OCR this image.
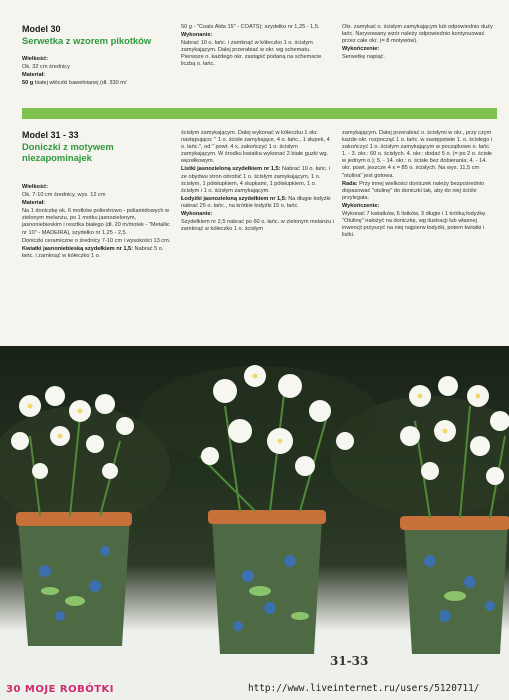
Model 30
Serwetka z wzorem pikotków

Wielkość:

Ok. 32 cm średnicy

Materiał:

50 g białej włóczki bawełnianej (dł. 330 m/

50 g - "Coats Alda 15" - COATS); szydełko nr 1,25 - 1,5.

Wykonanie:

Nabrać 10 o. łańc. i zamknąć w kółeczko 1 o. ścisłym zamykającym. Dalej przerabiać w okr. wg schematu. Pierwsze o. każdego okr. zastąpić podaną na schemacie liczbą o. łańc.

Okr. zamykać o. ścisłym zamykającym lub odpowiednio duży łańc. Narysowany wzór należy odpowiednio kontynuować przez całe okr. (= 8 motywów).

Wykończenie:

Serwetkę napiąć.

Model 31 - 33
Doniczki z motywem niezapominajek

Wielkość:

Ok. 7-10 cm średnicy, wys. 12 cm

Materiał:

Na 1 doniczkę ok. 6 motków poliestrowo - poliamidowych w zielonym melanżu, po 1 motku jasnozielonym, jasnoniebieskim i resztka białego (dł. 20 m/motek - "Metallic nr 10" - MADEIRA), szydełko nr 1,25 - 2,5.

Doniczki ceramiczne o średnicy 7-10 cm i wysokości 13 cm.

Kwiatki jasnoniebieską szydełkiem nr 1,5: Nabrać 5 o. łańc. i zamknąć w kółeczko 1 o.

ścisłym zamykającym. Dalej wykonać w kółeczku 1 okr. następująco: " 1 o. ścisłe zamykające, 4 o. łańc., 1 słupek, 4 o. łańc.", od " powt. 4 x, zakończyć 1 o. ścisłym zamykającym. W środku kwiatka wykonać 2 białe guzki wg. węzełkowym.

Listki jasnozieloną szydełkiem nr 1,5: Nabrać 10 o. łańc. i ze obydwu stron obrobić 1 o. ścisłym zamykającym, 1 o. ścisłym, 1 półsłupkiem, 4 słupkami, 1 półsłupkiem, 1 o. ścisłym i 1 o. ścisłym zamykającym.

Łodyżki jasnozieloną szydełkiem nr 1,5: Na długie łodyżki nabrać 25 o. łańc., na krótkie łodyżki 15 o. łańc.

Wykonanie:

Szydełkiem nr 2,5 nabrać po 60 o. łańc. w zielonym melanżu i zamknąć w kółeczko 1 o. ścisłym

zamykającym. Dalej przerabiać o. ścisłymi w okr., przy czym każde okr. rozpocząć 1 o. łańc. w zastępstwie 1. o. ścisłego i zakończyć 1 o. ścisłym zamykającym w początkowo o. łańc. 1. - 3. okr.: 60 o. ścisłych. 4. okr.: dodać 5 o. (= po 2 o. ścisłe w jednym o.); 5. - 14. okr.: o. ścisłe bez dobierania; 4. - 14. okr. powt. jeszcze 4 x = 85 o. ścisłych. Na wys. 11,5 cm "otulina" jest gotowa.

Rada: Przy innej wielkości doniczek należy bezpośrednio dopasować "otulinę" do doniczki tak, aby do niej ściśle przylegała.

Wykończenie:

Wykonać 7 kwiatków, 6 listków, 3 długie i 1 krótką łodyżkę. "Otulinę" nałożyć na doniczkę, wg ilustracji lub własnej inwencji przyszyć na niej najpierw łodyżki, potem kwiatki i listki.

31-33
30 MOJE ROBÓTKI	http://www.liveinternet.ru/users/5120711/
